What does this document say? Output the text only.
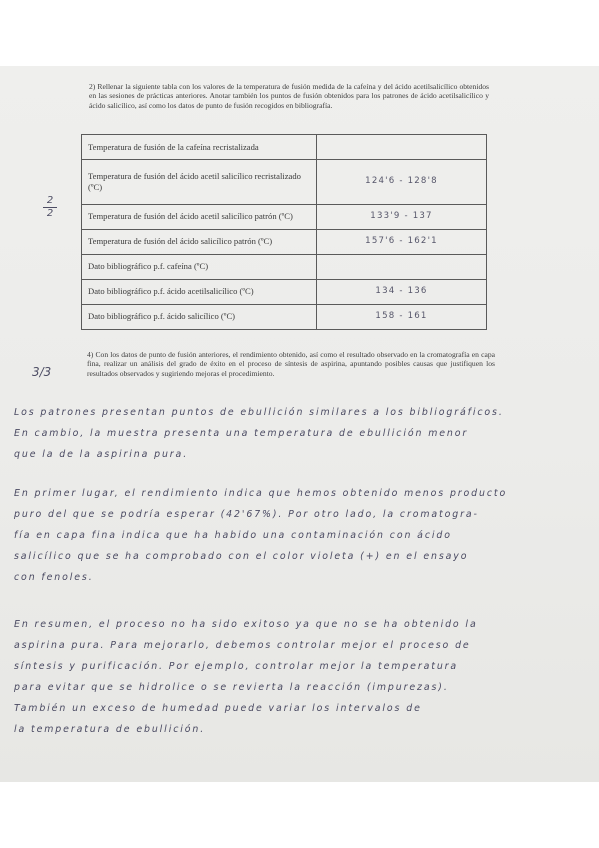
2) Rellenar la siguiente tabla con los valores de la temperatura de fusión medida de la cafeína y del ácido acetilsalicílico obtenidos en las sesiones de prácticas anteriores. Anotar también los puntos de fusión obtenidos para los patrones de ácido acetilsalicílico y ácido salicílico, así como los datos de punto de fusión recogidos en bibliografía.

Temperatura de fusión de la cafeína recristalizada	
Temperatura de fusión del ácido acetil salicílico recristalizado (ºC)	124'6 - 128'8
Temperatura de fusión del ácido acetil salicílico patrón (ºC)	133'9 - 137
Temperatura de fusión del ácido salicílico patrón (ºC)	157'6 - 162'1
Dato bibliográfico p.f. cafeína (ºC)	
Dato bibliográfico p.f. ácido acetilsalicílico (ºC)	134 - 136
Dato bibliográfico p.f. ácido salicílico (ºC)	158 - 161
2
2
3/3

4) Con los datos de punto de fusión anteriores, el rendimiento obtenido, así como el resultado observado en la cromatografía en capa fina, realizar un análisis del grado de éxito en el proceso de síntesis de aspirina, apuntando posibles causas que justifiquen los resultados observados y sugiriendo mejoras el procedimiento.

Los patrones presentan puntos de ebullición similares a los bibliográficos.
En cambio, la muestra presenta una temperatura de ebullición menor
que la de la aspirina pura.
En primer lugar, el rendimiento indica que hemos obtenido menos producto
puro del que se podría esperar (42'67%). Por otro lado, la cromatogra-
fía en capa fina indica que ha habido una contaminación con ácido
salicílico que se ha comprobado con el color violeta (+) en el ensayo
con fenoles.
En resumen, el proceso no ha sido exitoso ya que no se ha obtenido la
aspirina pura. Para mejorarlo, debemos controlar mejor el proceso de
síntesis y purificación. Por ejemplo, controlar mejor la temperatura
para evitar que se hidrolice o se revierta la reacción (impurezas).
También un exceso de humedad puede variar los intervalos de
la temperatura de ebullición.
